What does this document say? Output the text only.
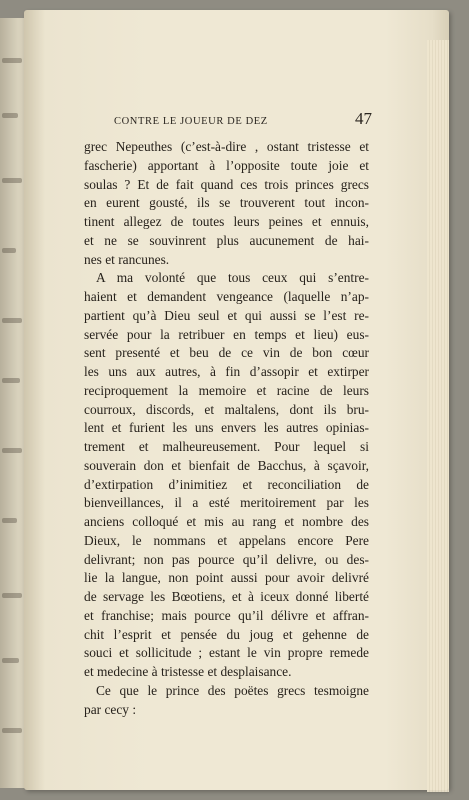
CONTRE LE JOUEUR DE DEZ	47
grec Nepeuthes (c’est-à-dire , ostant tristesse et
fascherie) apportant à l’opposite toute joie et
soulas ? Et de fait quand ces trois princes grecs
en eurent gousté, ils se trouverent tout incon-
tinent allegez de toutes leurs peines et ennuis,
et ne se souvinrent plus aucunement de hai-
nes et rancunes.
A ma volonté que tous ceux qui s’entre-
haient et demandent vengeance (laquelle n’ap-
partient qu’à Dieu seul et qui aussi se l’est re-
servée pour la retribuer en temps et lieu) eus-
sent presenté et beu de ce vin de bon cœur
les uns aux autres, à fin d’assopir et extirper
reciproquement la memoire et racine de leurs
courroux, discords, et maltalens, dont ils bru-
lent et furient les uns envers les autres opinias-
trement et malheureusement. Pour lequel si
souverain don et bienfait de Bacchus, à sçavoir,
d’extirpation d’inimitiez et reconciliation de
bienveillances, il a esté meritoirement par les
anciens colloqué et mis au rang et nombre des
Dieux, le nommans et appelans encore Pere
delivrant; non pas pource qu’il delivre, ou des-
lie la langue, non point aussi pour avoir delivré
de servage les Bœotiens, et à iceux donné liberté
et franchise; mais pource qu’il délivre et affran-
chit l’esprit et pensée du joug et gehenne de
souci et sollicitude ; estant le vin propre remede
et medecine à tristesse et desplaisance.
Ce que le prince des poëtes grecs tesmoigne
par cecy :
